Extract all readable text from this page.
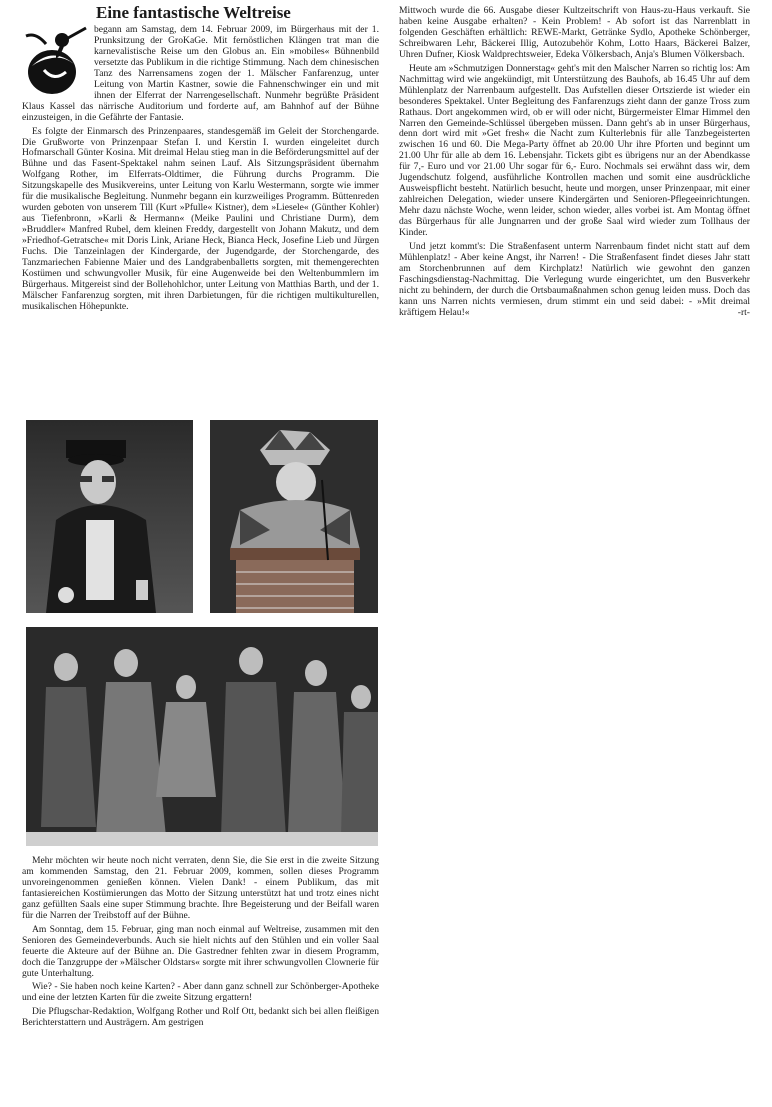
Eine fantastische Weltreise

begann am Samstag, dem 14. Februar 2009, im Bürgerhaus mit der 1. Prunksitzung der GroKaGe. Mit fernöstlichen Klängen trat man die karnevalistische Reise um den Globus an. Ein »mobiles« Bühnenbild versetzte das Publikum in die richtige Stimmung. Nach dem chinesischen Tanz des Narrensamens zogen der 1. Mälscher Fanfarenzug, unter Leitung von Martin Kastner, sowie die Fahnenschwinger ein und mit ihnen der Elferrat der Narrengesellschaft. Nunmehr begrüßte Präsident Klaus Kassel das närrische Auditorium und forderte auf, am Bahnhof auf der Bühne einzusteigen, in die Gefährte der Fantasie.

Es folgte der Einmarsch des Prinzenpaares, standesgemäß im Geleit der Storchengarde. Die Grußworte von Prinzenpaar Stefan I. und Kerstin I. wurden eingeleitet durch Hofmarschall Günter Kosina. Mit dreimal Helau stieg man in die Beförderungsmittel auf der Bühne und das Fasent-Spektakel nahm seinen Lauf. Als Sitzungspräsident übernahm Wolfgang Rother, im Elferrats-Oldtimer, die Führung durchs Programm. Die Sitzungskapelle des Musikvereins, unter Leitung von Karlu Westermann, sorgte wie immer für die musikalische Begleitung. Nunmehr begann ein kurzweiliges Programm. Büttenreden wurden geboten von unserem Till (Kurt »Pfulle« Kistner), dem »Liesele« (Günther Kohler) aus Tiefenbronn, »Karli & Hermann« (Meike Paulini und Christiane Durm), dem »Bruddler« Manfred Rubel, dem kleinen Freddy, dargestellt von Johann Makutz, und dem »Friedhof-Getratsche« mit Doris Link, Ariane Heck, Bianca Heck, Josefine Lieb und Jürgen Fuchs. Die Tanzeinlagen der Kindergarde, der Jugendgarde, der Storchengarde, des Tanzmariechen Fabienne Maier und des Landgrabenballetts sorgten, mit themengerechten Kostümen und schwungvoller Musik, für eine Augenweide bei den Weltenbummlern im Bürgerhaus. Mitgereist sind der Bollehohlchor, unter Leitung von Matthias Barth, und der 1. Mälscher Fanfarenzug sorgten, mit ihren Darbietungen, für die richtigen multikulturellen, musikalischen Höhepunkte.

Mehr möchten wir heute noch nicht verraten, denn Sie, die Sie erst in die zweite Sitzung am kommenden Samstag, den 21. Februar 2009, kommen, sollen dieses Programm unvoreingenommen genießen können. Vielen Dank! - einem Publikum, das mit fantasiereichen Kostümierungen das Motto der Sitzung unterstützt hat und trotz eines nicht ganz gefüllten Saals eine super Stimmung brachte. Ihre Begeisterung und der Beifall waren für die Narren der Treibstoff auf der Bühne.

Am Sonntag, dem 15. Februar, ging man noch einmal auf Weltreise, zusammen mit den Senioren des Gemeindeverbunds. Auch sie hielt nichts auf den Stühlen und ein voller Saal feuerte die Akteure auf der Bühne an. Die Gastredner fehlten zwar in diesem Programm, doch die Tanzgruppe der »Mälscher Oldstars« sorgte mit ihrer schwungvollen Clownerie für gute Unterhaltung.

Wie? - Sie haben noch keine Karten? - Aber dann ganz schnell zur Schönberger-Apotheke und eine der letzten Karten für die zweite Sitzung ergattern!

Die Pflugschar-Redaktion, Wolfgang Rother und Rolf Ott, bedankt sich bei allen fleißigen Berichterstattern und Austrägern. Am gestrigen

Mittwoch wurde die 66. Ausgabe dieser Kultzeitschrift von Haus-zu-Haus verkauft. Sie haben keine Ausgabe erhalten? - Kein Problem! - Ab sofort ist das Narrenblatt in folgenden Geschäften erhältlich: REWE-Markt, Getränke Sydlo, Apotheke Schönberger, Schreibwaren Lehr, Bäckerei Illig, Autozubehör Kohm, Lotto Haars, Bäckerei Balzer, Uhren Dufner, Kiosk Waldprechtsweier, Edeka Völkersbach, Anja's Blumen Völkersbach.

Heute am »Schmutzigen Donnerstag« geht's mit den Malscher Narren so richtig los: Am Nachmittag wird wie angekündigt, mit Unterstützung des Bauhofs, ab 16.45 Uhr auf dem Mühlenplatz der Narrenbaum aufgestellt. Das Aufstellen dieser Ortszierde ist wieder ein besonderes Spektakel. Unter Begleitung des Fanfarenzugs zieht dann der ganze Tross zum Rathaus. Dort angekommen wird, ob er will oder nicht, Bürgermeister Elmar Himmel den Narren den Gemeinde-Schlüssel übergeben müssen. Dann geht's ab in unser Bürgerhaus, denn dort wird mit »Get fresh« die Nacht zum Kulterlebnis für alle Tanzbegeisterten zwischen 16 und 60. Die Mega-Party öffnet ab 20.00 Uhr ihre Pforten und beginnt um 21.00 Uhr für alle ab dem 16. Lebensjahr. Tickets gibt es übrigens nur an der Abendkasse für 7,- Euro und vor 21.00 Uhr sogar für 6,- Euro. Nochmals sei erwähnt dass wir, dem Jugendschutz folgend, ausführliche Kontrollen machen und somit eine ausdrückliche Ausweispflicht besteht. Natürlich besucht, heute und morgen, unser Prinzenpaar, mit einer zahlreichen Delegation, wieder unsere Kindergärten und Senioren-Pflegeeinrichtungen. Mehr dazu nächste Woche, wenn leider, schon wieder, alles vorbei ist. Am Montag öffnet das Bürgerhaus für alle Jungnarren und der große Saal wird wieder zum Tollhaus der Kinder.

Und jetzt kommt's: Die Straßenfasent unterm Narrenbaum findet nicht statt auf dem Mühlenplatz! - Aber keine Angst, ihr Narren! - Die Straßenfasent findet dieses Jahr statt am Storchenbrunnen auf dem Kirchplatz! Natürlich wie gewohnt den ganzen Faschingsdienstag-Nachmittag. Die Verlegung wurde eingerichtet, um den Busverkehr nicht zu behindern, der durch die Ortsbaumaßnahmen schon genug leiden muss. Doch das kann uns Narren nichts vermiesen, drum stimmt ein und seid dabei: - »Mit dreimal kräftigem Helau!«	-rt-
